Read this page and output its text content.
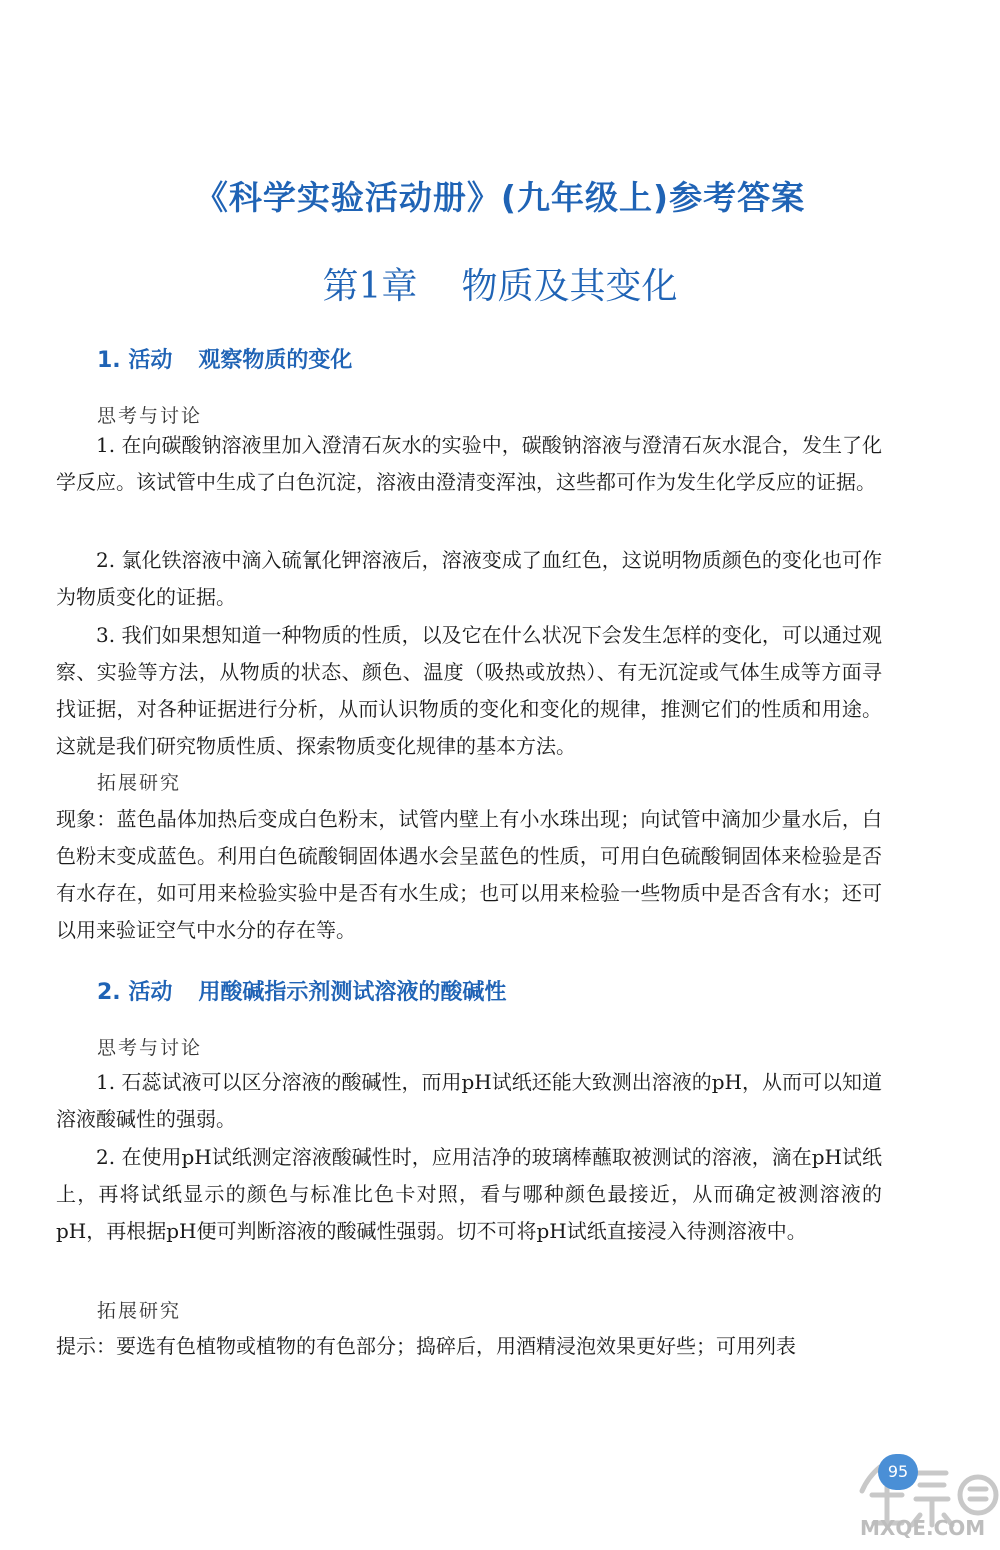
《科学实验活动册》(九年级上)参考答案
第1章 物质及其变化
1. 活动 观察物质的变化
思考与讨论
1. 在向碳酸钠溶液里加入澄清石灰水的实验中，碳酸钠溶液与澄清石灰水混合，发生了化学反应。该试管中生成了白色沉淀，溶液由澄清变浑浊，这些都可作为发生化学反应的证据。
2. 氯化铁溶液中滴入硫氰化钾溶液后，溶液变成了血红色，这说明物质颜色的变化也可作为物质变化的证据。
3. 我们如果想知道一种物质的性质，以及它在什么状况下会发生怎样的变化，可以通过观察、实验等方法，从物质的状态、颜色、温度（吸热或放热）、有无沉淀或气体生成等方面寻找证据，对各种证据进行分析，从而认识物质的变化和变化的规律，推测它们的性质和用途。这就是我们研究物质性质、探索物质变化规律的基本方法。
拓展研究
现象：蓝色晶体加热后变成白色粉末，试管内壁上有小水珠出现；向试管中滴加少量水后，白色粉末变成蓝色。利用白色硫酸铜固体遇水会呈蓝色的性质，可用白色硫酸铜固体来检验是否有水存在，如可用来检验实验中是否有水生成；也可以用来检验一些物质中是否含有水；还可以用来验证空气中水分的存在等。
2. 活动 用酸碱指示剂测试溶液的酸碱性
思考与讨论
1. 石蕊试液可以区分溶液的酸碱性，而用pH试纸还能大致测出溶液的pH，从而可以知道溶液酸碱性的强弱。
2. 在使用pH试纸测定溶液酸碱性时，应用洁净的玻璃棒蘸取被测试的溶液，滴在pH试纸上，再将试纸显示的颜色与标准比色卡对照，看与哪种颜色最接近，从而确定被测溶液的pH，再根据pH便可判断溶液的酸碱性强弱。切不可将pH试纸直接浸入待测溶液中。
拓展研究
提示：要选有色植物或植物的有色部分；捣碎后，用酒精浸泡效果更好些；可用列表
95
MXQE.COM
